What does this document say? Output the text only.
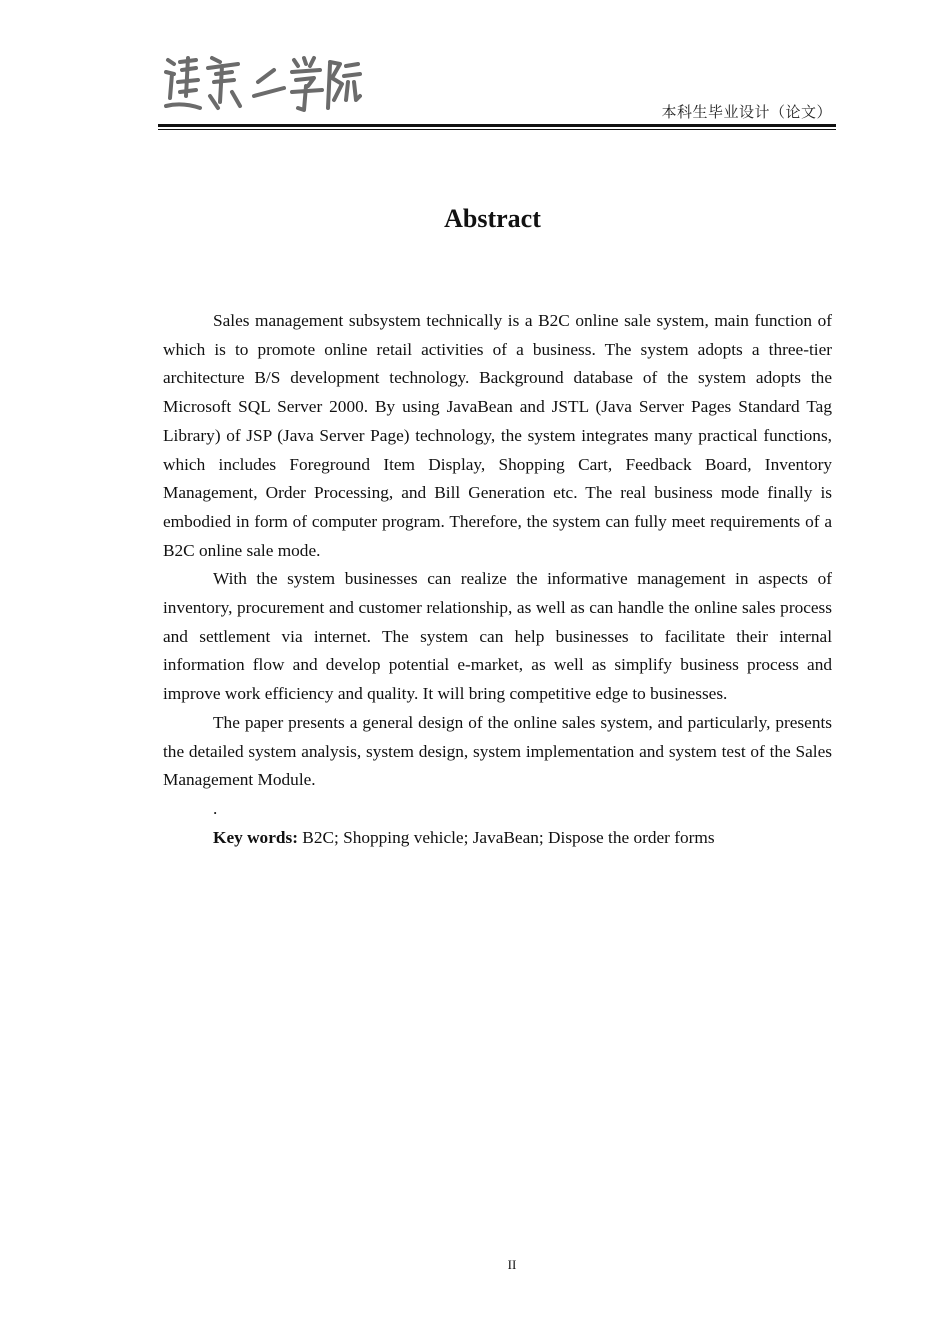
本科生毕业设计（论文）
Abstract

Sales management subsystem technically is a B2C online sale system, main function of which is to promote online retail activities of a business. The system adopts a three-tier architecture B/S development technology. Background database of the system adopts the Microsoft SQL Server 2000. By using JavaBean and JSTL (Java Server Pages Standard Tag Library) of JSP (Java Server Page) technology, the system integrates many practical functions, which includes Foreground Item Display, Shopping Cart, Feedback Board, Inventory Management, Order Processing, and Bill Generation etc. The real business mode finally is embodied in form of computer program. Therefore, the system can fully meet requirements of a B2C online sale mode.

With the system businesses can realize the informative management in aspects of inventory, procurement and customer relationship, as well as can handle the online sales process and settlement via internet. The system can help businesses to facilitate their internal information flow and develop potential e-market, as well as simplify business process and improve work efficiency and quality. It will bring competitive edge to businesses.

The paper presents a general design of the online sales system, and particularly, presents the detailed system analysis, system design, system implementation and system test of the Sales Management Module.

.

Key words: B2C; Shopping vehicle; JavaBean; Dispose the order forms

II
